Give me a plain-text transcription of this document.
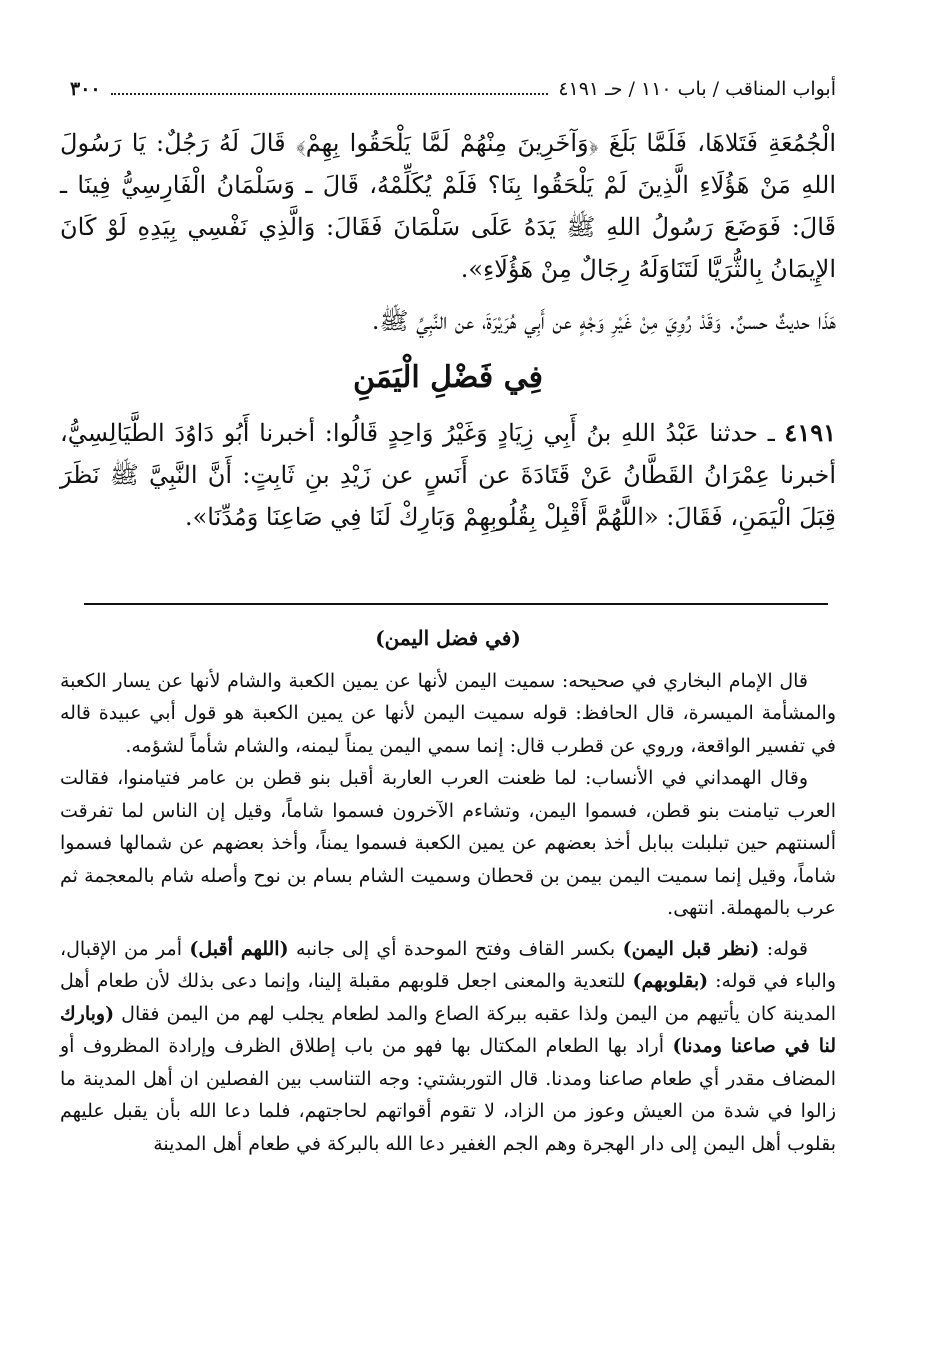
٣٠٠	أبواب المناقب / باب ١١٠ / حـ ٤١٩١

الْجُمُعَةِ فَتَلاهَا، فَلَمَّا بَلَغَ ﴿وَآخَرِينَ مِنْهُمْ لَمَّا يَلْحَقُوا بِهِمْ﴾ قَالَ لَهُ رَجُلٌ: يَا رَسُولَ اللهِ مَنْ هَؤُلَاءِ الَّذِينَ لَمْ يَلْحَقُوا بِنَا؟ فَلَمْ يُكَلِّمْهُ، قَالَ ـ وَسَلْمَانُ الْفَارِسِيُّ فِينَا ـ قَالَ: فَوَضَعَ رَسُولُ اللهِ ﷺ يَدَهُ عَلَى سَلْمَانَ فَقَالَ: وَالَّذِي نَفْسِي بِيَدِهِ لَوْ كَانَ الإِيمَانُ بِالثُّرَيَّا لَتَنَاوَلَهُ رِجَالٌ مِنْ هَؤُلَاءِ».

هَذَا حديثٌ حسنٌ. وَقَدْ رُوِيَ مِنْ غَيْرِ وَجْهٍ عن أَبِي هُرَيْرَةَ، عن النَّبِيِّ ﷺ.

فِي فَضْلِ الْيَمَنِ

٤١٩١ ـ حدثنا عَبْدُ اللهِ بنُ أَبِي زِيَادٍ وَغَيْرُ وَاحِدٍ قَالُوا: أخبرنا أَبُو دَاوُدَ الطَّيَالِسِيُّ، أخبرنا عِمْرَانُ القَطَّانُ عَنْ قَتَادَةَ عن أَنَسٍ عن زَيْدِ بنِ ثَابِتٍ: أَنَّ النَّبِيَّ ﷺ نَظَرَ قِبَلَ الْيَمَنِ، فَقَالَ: «اللَّهُمَّ أَقْبِلْ بِقُلُوبِهِمْ وَبَارِكْ لَنَا فِي صَاعِنَا وَمُدِّنَا».

(في فضل اليمن)

قال الإمام البخاري في صحيحه: سميت اليمن لأنها عن يمين الكعبة والشام لأنها عن يسار الكعبة والمشأمة الميسرة، قال الحافظ: قوله سميت اليمن لأنها عن يمين الكعبة هو قول أبي عبيدة قاله في تفسير الواقعة، وروي عن قطرب قال: إنما سمي اليمن يمناً ليمنه، والشام شأماً لشؤمه.

وقال الهمداني في الأنساب: لما ظعنت العرب العاربة أقبل بنو قطن بن عامر فتيامنوا، فقالت العرب تيامنت بنو قطن، فسموا اليمن، وتشاءم الآخرون فسموا شاماً، وقيل إن الناس لما تفرقت ألسنتهم حين تبلبلت ببابل أخذ بعضهم عن يمين الكعبة فسموا يمناً، وأخذ بعضهم عن شمالها فسموا شاماً، وقيل إنما سميت اليمن بيمن بن قحطان وسميت الشام بسام بن نوح وأصله شام بالمعجمة ثم عرب بالمهملة. انتهى.

قوله: (نظر قبل اليمن) بكسر القاف وفتح الموحدة أي إلى جانبه (اللهم أقبل) أمر من الإقبال، والباء في قوله: (بقلوبهم) للتعدية والمعنى اجعل قلوبهم مقبلة إلينا، وإنما دعى بذلك لأن طعام أهل المدينة كان يأتيهم من اليمن ولذا عقبه ببركة الصاع والمد لطعام يجلب لهم من اليمن فقال (وبارك لنا في صاعنا ومدنا) أراد بها الطعام المكتال بها فهو من باب إطلاق الظرف وإرادة المظروف أو المضاف مقدر أي طعام صاعنا ومدنا. قال التوربشتي: وجه التناسب بين الفصلين ان أهل المدينة ما زالوا في شدة من العيش وعوز من الزاد، لا تقوم أقواتهم لحاجتهم، فلما دعا الله بأن يقبل عليهم بقلوب أهل اليمن إلى دار الهجرة وهم الجم الغفير دعا الله بالبركة في طعام أهل المدينة
